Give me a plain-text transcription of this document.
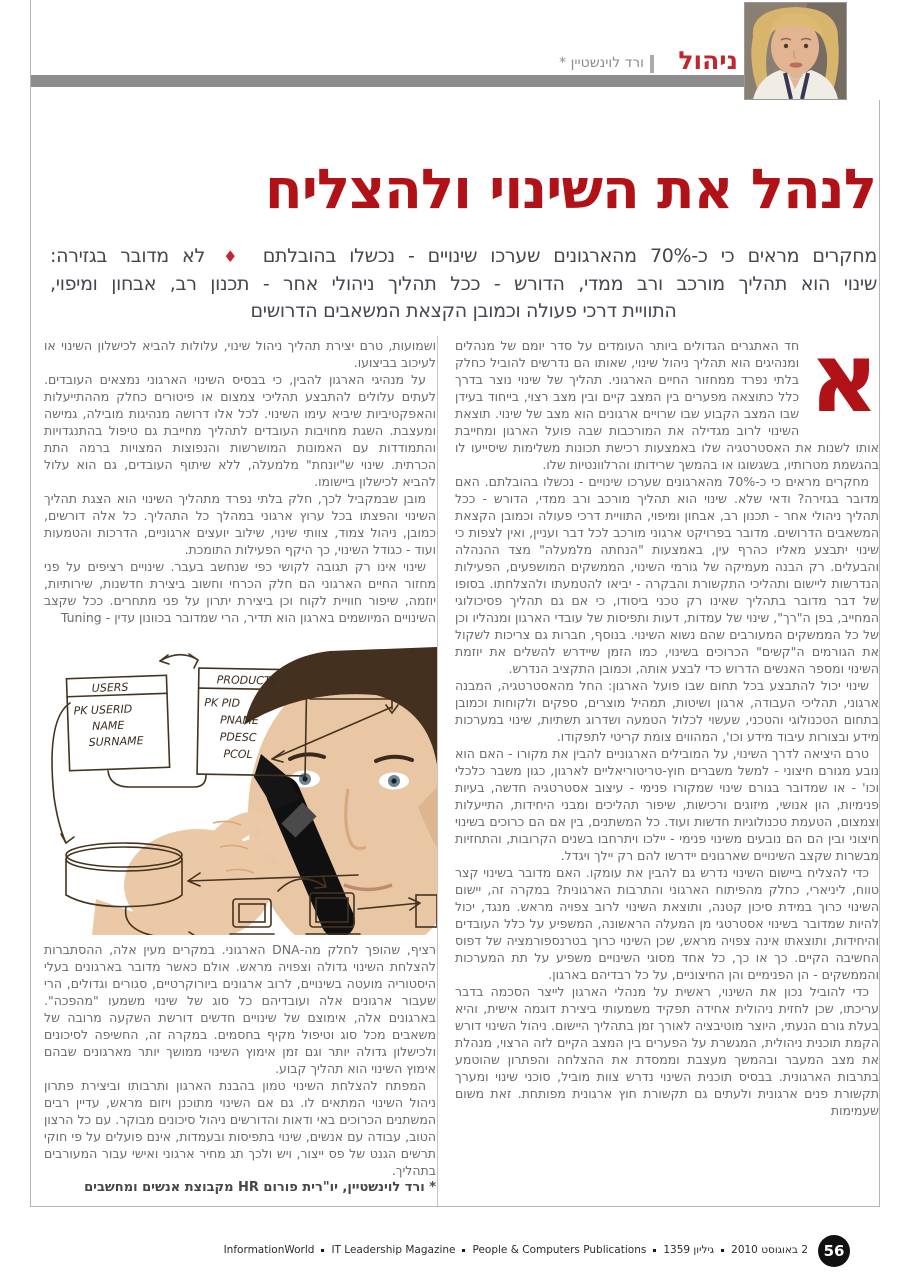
ניהול
ורד לוינשטיין *
לנהל את השינוי ולהצליח
מחקרים מראים כי כ-70% מהארגונים שערכו שינויים - נכשלו בהובלתם ♦ לא מדובר בגזירה:
שינוי הוא תהליך מורכב ורב ממדי, הדורש - ככל תהליך ניהולי אחר - תכנון רב, אבחון ומיפוי,
התוויית דרכי פעולה וכמובן הקצאת המשאבים הדרושים

א
חד האתגרים הגדולים ביותר העומדים על סדר יומם של מנהלים ומנהיגים הוא תהליך ניהול שינוי, שאותו הם נדרשים להוביל כחלק בלתי נפרד ממחזור החיים הארגוני. תהליך של שינוי נוצר בדרך כלל כתוצאה מפערים בין המצב קיים ובין מצב רצוי, בייחוד בעידן שבו המצב הקבוע שבו שרויים ארגונים הוא מצב של שינוי. תוצאת השינוי לרוב מגדילה את המורכבות שבה פועל הארגון ומחייבת אותו לשנות את האסטרטגיה שלו באמצעות רכישת תכונות משלימות שיסייעו לו בהגשמת מטרותיו, בשגשוגו או בהמשך שרידותו והרלוונטיות שלו.

מחקרים מראים כי כ-70% מהארגונים שערכו שינויים - נכשלו בהובלתם. האם מדובר בגזירה? ודאי שלא. שינוי הוא תהליך מורכב ורב ממדי, הדורש - ככל תהליך ניהולי אחר - תכנון רב, אבחון ומיפוי, התוויית דרכי פעולה וכמובן הקצאת המשאבים הדרושים. מדובר בפרויקט ארגוני מורכב לכל דבר ועניין, ואין לצפות כי שינוי יתבצע מאליו כהרף עין, באמצעות "הנחתה מלמעלה" מצד ההנהלה והבעלים. רק הבנה מעמיקה של גורמי השינוי, הממשקים המושפעים, הפעילות הנדרשות ליישום ותהליכי התקשורת והבקרה - יביאו להטמעתו ולהצלחתו. בסופו של דבר מדובר בתהליך שאינו רק טכני ביסודו, כי אם גם תהליך פסיכולוגי המחייב, בפן ה"רך", שינוי של עמדות, דעות ותפיסות של עובדי הארגון ומנהליו וכן של כל הממשקים המעורבים שהם נשוא השינוי. בנוסף, חברות גם צריכות לשקול את הגורמים ה"קשים" הכרוכים בשינוי, כמו הזמן שיידרש להשלים את יוזמת השינוי ומספר האנשים הדרוש כדי לבצע אותה, וכמובן התקציב הנדרש.

שינוי יכול להתבצע בכל תחום שבו פועל הארגון: החל מהאסטרטגיה, המבנה ארגוני, תהליכי העבודה, ארגון ושיטות, תמהיל מוצרים, ספקים ולקוחות וכמובן בתחום הטכנולוגי והטכני, שעשוי לכלול הטמעה ושדרוג תשתיות, שינוי במערכות מידע ובצורות עיבוד מידע וכו', המהווים צומת קריטי לתפקודו.

טרם היציאה לדרך השינוי, על המובילים הארגוניים להבין את מקורו - האם הוא נובע מגורם חיצוני - למשל משברים חוץ-טריטוריאליים לארגון, כגון משבר כלכלי וכו' - או שמדובר בגורם שינוי שמקורו פנימי - עיצוב אסטרטגיה חדשה, בעיות פנימיות, הון אנושי, מיזוגים ורכישות, שיפור תהליכים ומבני היחידות, התייעלות וצמצום, הטעמת טכנולוגיות חדשות ועוד. כל המשתנים, בין אם הם כרוכים בשינוי חיצוני ובין הם הם נובעים משינוי פנימי - יילכו ויתרחבו בשנים הקרובות, והתחזיות מבשרות שקצב השינויים שארגונים יידרשו להם רק יילך ויגדל.

כדי להצליח ביישום השינוי נדרש גם להבין את עומקו. האם מדובר בשינוי קצר טווח, ליניארי, כחלק מהפיתוח הארגוני והתרבות הארגונית? במקרה זה, יישום השינוי כרוך במידת סיכון קטנה, ותוצאת השינוי לרוב צפויה מראש. מנגד, יכול להיות שמדובר בשינוי אסטרטגי מן המעלה הראשונה, המשפיע על כלל העובדים והיחידות, ותוצאתו אינה צפויה מראש, שכן השינוי כרוך בטרנספורמציה של דפוס החשיבה הקיים. כך או כך, כל אחד מסוגי השינויים משפיע על תת המערכות והממשקים - הן הפנימיים והן החיצוניים, על כל רבדיהם בארגון.

כדי להוביל נכון את השינוי, ראשית על מנהלי הארגון לייצר הסכמה בדבר עריכתו, שכן לחזית ניהולית אחידה תפקיד משמעותי ביצירת דוגמה אישית, והיא בעלת גורם הנעתי, היוצר מוטיבציה לאורך זמן בתהליך היישום. ניהול השינוי דורש הקמת תוכנית ניהולית, המגשרת על הפערים בין המצב הקיים לזה הרצוי, מנהלת את מצב המעבר ובהמשך מעצבת וממסדת את ההצלחה והפתרון שהוטמע בתרבות הארגונית. בבסיס תוכנית השינוי נדרש צוות מוביל, סוכני שינוי ומערך תקשורת פנים ארגונית ולעתים גם תקשורת חוץ ארגונית מפותחת. זאת משום שעמימות

ושמועות, טרם יצירת תהליך ניהול שינוי, עלולות להביא לכישלון השינוי או לעיכוב בביצועו.

על מנהיגי הארגון להבין, כי בבסיס השינוי הארגוני נמצאים העובדים. לעתים עלולים להתבצע תהליכי צמצום או פיטורים כחלק מההתייעלות והאפקטיביות שיביא עימו השינוי. לכל אלו דרושה מנהיגות מובילה, גמישה ומעצבת. השגת מחויבות העובדים לתהליך מחייבת גם טיפול בהתנגדויות והתמודדות עם האמונות המושרשות והנפוצות המצויות ברמה התת הכרתית. שינוי ש"יונחת" מלמעלה, ללא שיתוף העובדים, גם הוא עלול להביא לכישלון ביישומו.

מובן שבמקביל לכך, חלק בלתי נפרד מתהליך השינוי הוא הצגת תהליך השינוי והפצתו בכל ערוץ ארגוני במהלך כל התהליך. כל אלה דורשים, כמובן, ניהול צמוד, צוותי שינוי, שילוב יועצים ארגוניים, הדרכות והטמעות ועוד - כגודל השינוי, כך היקף הפעילות התומכת.

שינוי אינו רק תגובה לקושי כפי שנחשב בעבר. שינויים רציפים על פני מחזור החיים הארגוני הם חלק הכרחי וחשוב ביצירת חדשנות, שירותיות, יוזמה, שיפור חוויית לקוח וכן ביצירת יתרון על פני מתחרים. ככל שקצב השינויים המיושמים בארגון הוא תדיר, הרי שמדובר בכוונון עדין - Tuning

USERS
PK USERID
NAME
SURNAME
PRODUCTS
PK PID
PNAME
PDESC
PCOL

רציף, שהופך לחלק מה-DNA הארגוני. במקרים מעין אלה, ההסתברות להצלחת השינוי גדולה וצפויה מראש. אולם כאשר מדובר בארגונים בעלי היסטוריה מועטה בשינויים, לרוב ארגונים ביורוקרטיים, סגורים וגדולים, הרי שעבור ארגונים אלה ועובדיהם כל סוג של שינוי משמעו "מהפכה". בארגונים אלה, אימוצם של שינויים חדשים דורשת השקעה מרובה של משאבים מכל סוג וטיפול מקיף בחסמים. במקרה זה, החשיפה לסיכונים ולכישלון גדולה יותר וגם זמן אימוץ השינוי ממושך יותר מארגונים שבהם אימוץ השינוי הוא תהליך קבוע.

המפתח להצלחת השינוי טמון בהבנת הארגון ותרבותו וביצירת פתרון ניהול השינוי המתאים לו. גם אם השינוי מתוכנן ויזום מראש, עדיין רבים המשתנים הכרוכים באי ודאות והדורשים ניהול סיכונים מבוקר. עם כל הרצון הטוב, עבודה עם אנשים, שינוי בתפיסות ובעמדות, אינם פועלים על פי חוקי תרשים הגנט של פס ייצור, ויש ולכך תג מחיר ארגוני ואישי עבור המעורבים בתהליך.

* ורד לוינשטיין, יו"רית פורום HR מקבוצת אנשים ומחשבים

InformationWorld IT Leadership Magazine People & Computers Publications	2 באוגוסט 2010גיליון 1359	56
